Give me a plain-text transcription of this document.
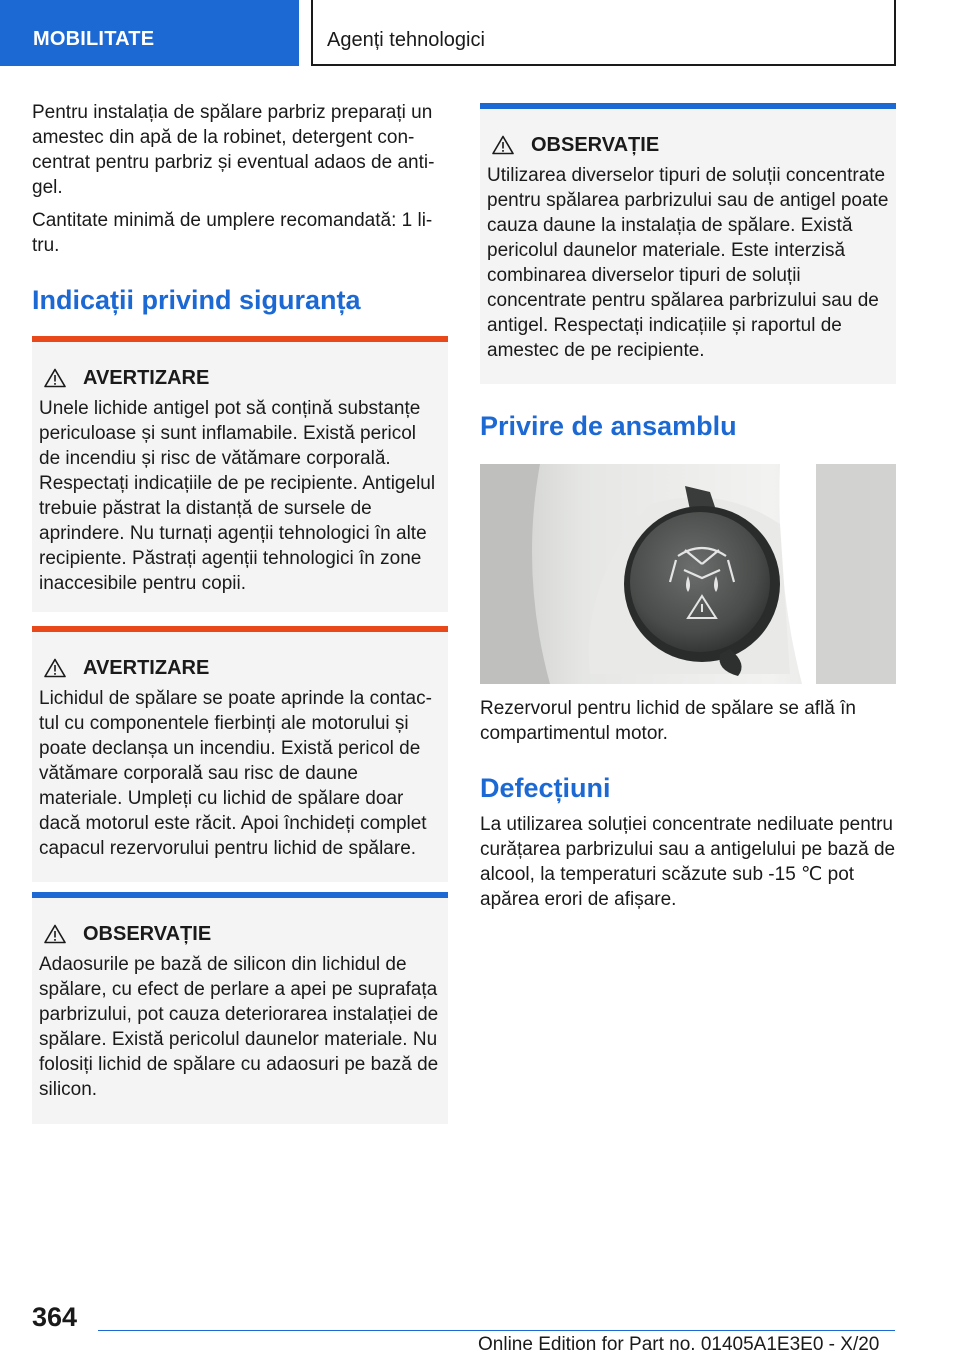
MOBILITATE	Agenți tehnologici

Pentru instalația de spălare parbriz preparați un amestec din apă de la robinet, detergent concentrat pentru parbriz și eventual adaos de antigel.

Cantitate minimă de umplere recomandată: 1 litru.

Indicații privind siguranța
AVERTIZARE

Unele lichide antigel pot să conțină substanțe periculoase și sunt inflamabile. Există pericol de incendiu și risc de vătămare corporală. Respectați indicațiile de pe recipiente. Antigelul trebuie păstrat la distanță de sursele de aprindere. Nu turnați agenții tehnologici în alte recipiente. Păstrați agenții tehnologici în zone inaccesibile pentru copii.

AVERTIZARE

Lichidul de spălare se poate aprinde la contactul cu componentele fierbinți ale motorului și poate declanșa un incendiu. Există pericol de vătămare corporală sau risc de daune materiale. Umpleți cu lichid de spălare doar dacă motorul este răcit. Apoi închideți complet capacul rezervorului pentru lichid de spălare.

OBSERVAȚIE

Adaosurile pe bază de silicon din lichidul de spălare, cu efect de perlare a apei pe suprafața parbrizului, pot cauza deteriorarea instalației de spălare. Există pericolul daunelor materiale. Nu folosiți lichid de spălare cu adaosuri pe bază de silicon.

OBSERVAȚIE

Utilizarea diverselor tipuri de soluții concentrate pentru spălarea parbrizului sau de antigel poate cauza daune la instalația de spălare. Există pericolul daunelor materiale. Este interzisă combinarea diverselor tipuri de soluții concentrate pentru spălarea parbrizului sau de antigel. Respectați indicațiile și raportul de amestec de pe recipiente.

Privire de ansamblu

Rezervorul pentru lichid de spălare se află în compartimentul motor.

Defecțiuni

La utilizarea soluției concentrate nediluate pentru curățarea parbrizului sau a antigelului pe bază de alcool, la temperaturi scăzute sub -15 ℃ pot apărea erori de afișare.

364
Online Edition for Part no. 01405A1E3E0 - X/20
